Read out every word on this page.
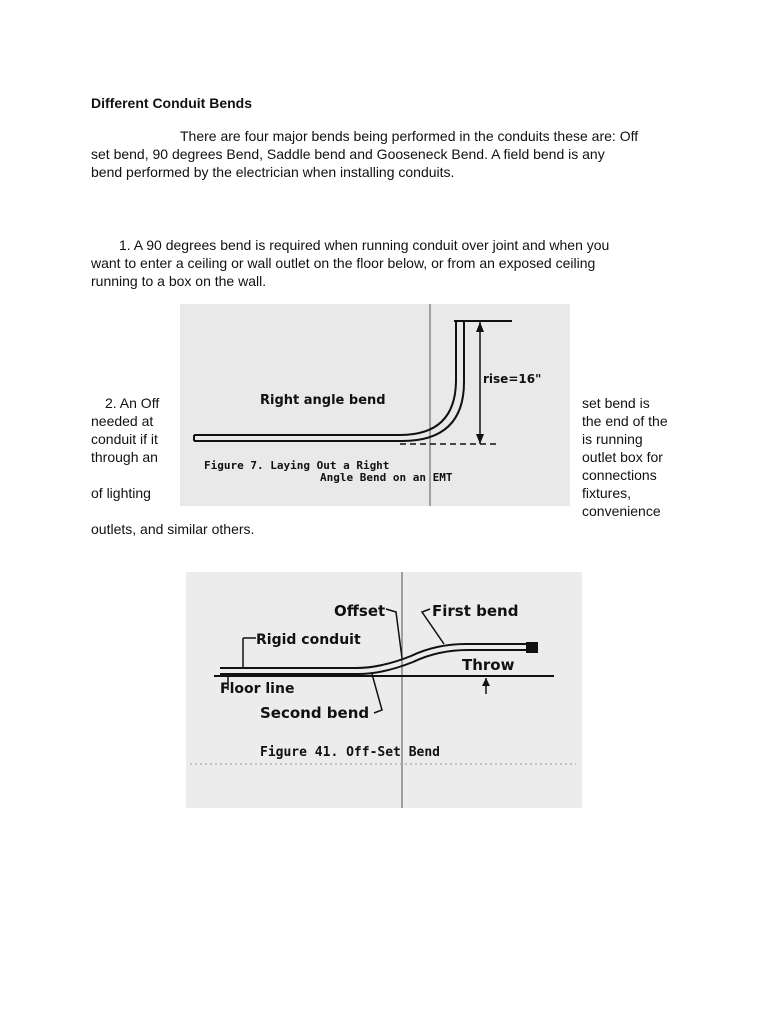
Different Conduit Bends
There are four major bends being performed in the conduits these are: Off
set bend, 90 degrees Bend, Saddle bend and Gooseneck Bend. A field bend is any
bend performed by the electrician when installing conduits.
1. A 90 degrees bend is required when running conduit over joint and when you
want to enter a ceiling or wall outlet on the floor below, or from an exposed ceiling
running to a box on the wall.
rise=16"
Right angle bend
Figure 7. Laying Out a Right
Angle Bend on an EMT
2. An Off
needed at
conduit if it
through an
of lighting
set bend is
the end of the
is running
outlet box for
connections
fixtures,
convenience
outlets, and similar others.
Rigid conduit
Offset	First bend
Throw
Floor line
Second bend
Figure 41. Off-Set Bend
